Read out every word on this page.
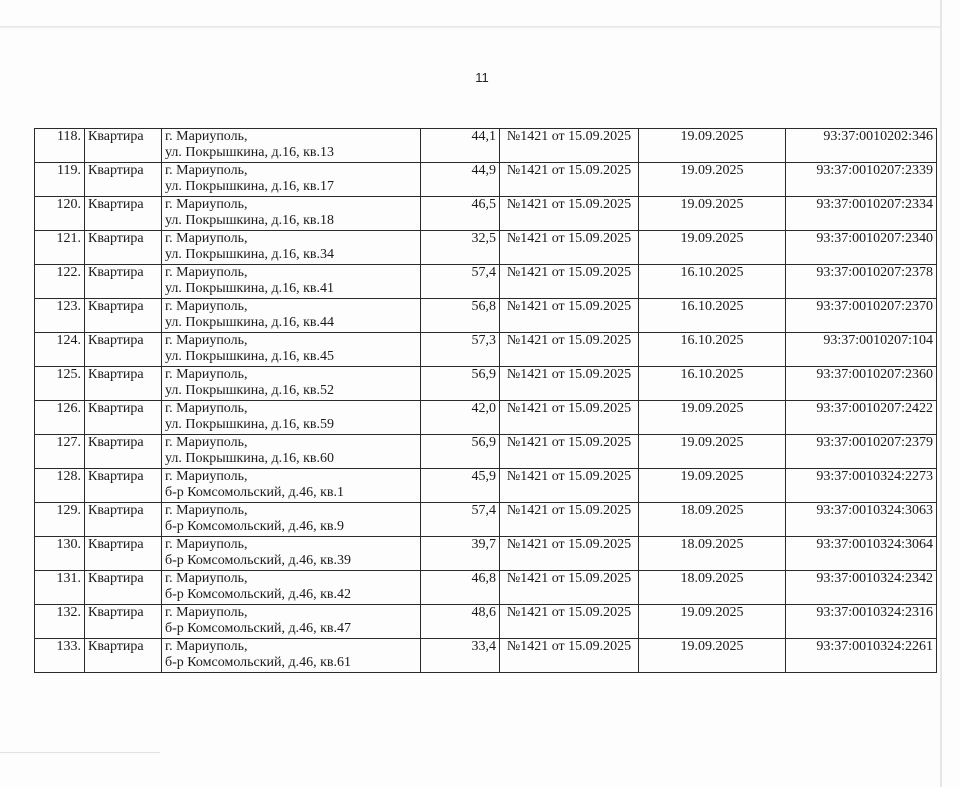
11
118.	Квартира	г. Мариуполь,
ул. Покрышкина, д.16, кв.13	44,1	№1421 от 15.09.2025	19.09.2025	93:37:0010202:346
119.	Квартира	г. Мариуполь,
ул. Покрышкина, д.16, кв.17	44,9	№1421 от 15.09.2025	19.09.2025	93:37:0010207:2339
120.	Квартира	г. Мариуполь,
ул. Покрышкина, д.16, кв.18	46,5	№1421 от 15.09.2025	19.09.2025	93:37:0010207:2334
121.	Квартира	г. Мариуполь,
ул. Покрышкина, д.16, кв.34	32,5	№1421 от 15.09.2025	19.09.2025	93:37:0010207:2340
122.	Квартира	г. Мариуполь,
ул. Покрышкина, д.16, кв.41	57,4	№1421 от 15.09.2025	16.10.2025	93:37:0010207:2378
123.	Квартира	г. Мариуполь,
ул. Покрышкина, д.16, кв.44	56,8	№1421 от 15.09.2025	16.10.2025	93:37:0010207:2370
124.	Квартира	г. Мариуполь,
ул. Покрышкина, д.16, кв.45	57,3	№1421 от 15.09.2025	16.10.2025	93:37:0010207:104
125.	Квартира	г. Мариуполь,
ул. Покрышкина, д.16, кв.52	56,9	№1421 от 15.09.2025	16.10.2025	93:37:0010207:2360
126.	Квартира	г. Мариуполь,
ул. Покрышкина, д.16, кв.59	42,0	№1421 от 15.09.2025	19.09.2025	93:37:0010207:2422
127.	Квартира	г. Мариуполь,
ул. Покрышкина, д.16, кв.60	56,9	№1421 от 15.09.2025	19.09.2025	93:37:0010207:2379
128.	Квартира	г. Мариуполь,
б-р Комсомольский, д.46, кв.1	45,9	№1421 от 15.09.2025	19.09.2025	93:37:0010324:2273
129.	Квартира	г. Мариуполь,
б-р Комсомольский, д.46, кв.9	57,4	№1421 от 15.09.2025	18.09.2025	93:37:0010324:3063
130.	Квартира	г. Мариуполь,
б-р Комсомольский, д.46, кв.39	39,7	№1421 от 15.09.2025	18.09.2025	93:37:0010324:3064
131.	Квартира	г. Мариуполь,
б-р Комсомольский, д.46, кв.42	46,8	№1421 от 15.09.2025	18.09.2025	93:37:0010324:2342
132.	Квартира	г. Мариуполь,
б-р Комсомольский, д.46, кв.47	48,6	№1421 от 15.09.2025	19.09.2025	93:37:0010324:2316
133.	Квартира	г. Мариуполь,
б-р Комсомольский, д.46, кв.61	33,4	№1421 от 15.09.2025	19.09.2025	93:37:0010324:2261
